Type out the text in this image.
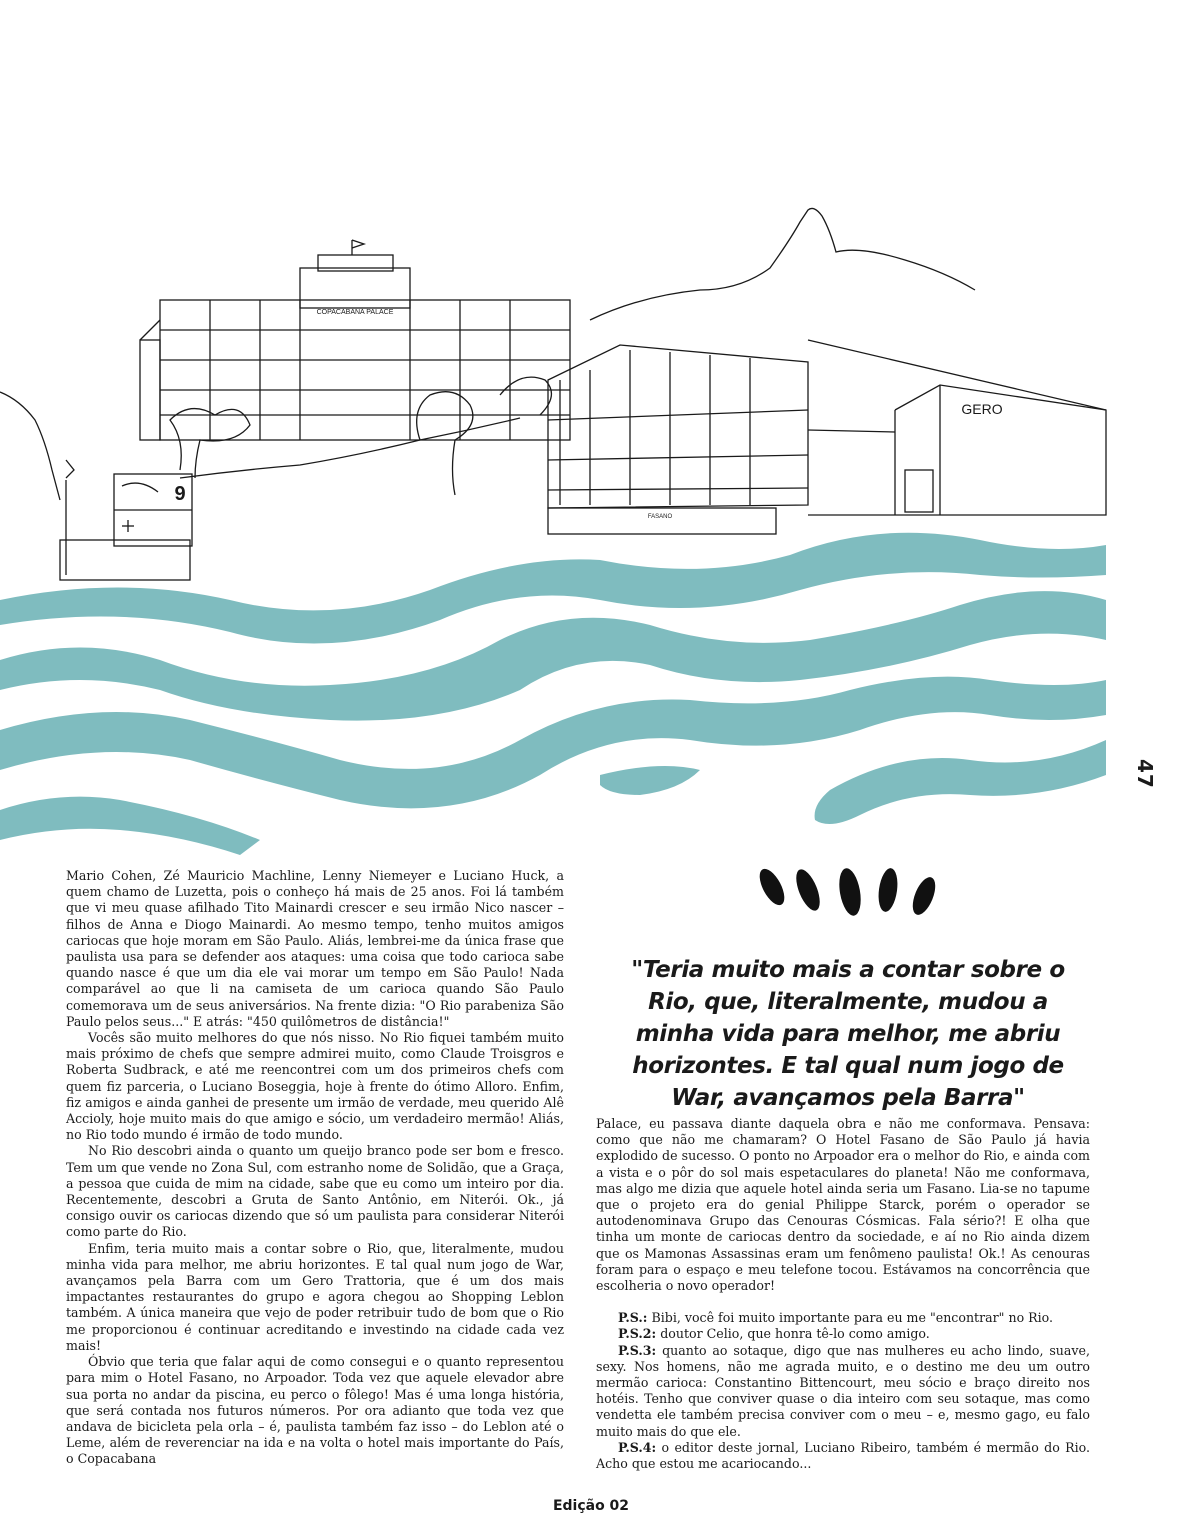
COPACABANA PALACE
FASANO
GERO
9
47

Mario Cohen, Zé Mauricio Machline, Lenny Niemeyer e Luciano Huck, a quem chamo de Luzetta, pois o conheço há mais de 25 anos. Foi lá também que vi meu quase afilhado Tito Mainardi crescer e seu irmão Nico nascer – filhos de Anna e Diogo Mainardi. Ao mesmo tempo, tenho muitos amigos cariocas que hoje moram em São Paulo. Aliás, lembrei-me da única frase que paulista usa para se defender aos ataques: uma coisa que todo carioca sabe quando nasce é que um dia ele vai morar um tempo em São Paulo! Nada comparável ao que li na camiseta de um carioca quando São Paulo comemorava um de seus aniversários. Na frente dizia: "O Rio parabeniza São Paulo pelos seus..." E atrás: "450 quilômetros de distância!"

Vocês são muito melhores do que nós nisso. No Rio fiquei também muito mais próximo de chefs que sempre admirei muito, como Claude Troisgros e Roberta Sudbrack, e até me reencontrei com um dos primeiros chefs com quem fiz parceria, o Luciano Boseggia, hoje à frente do ótimo Alloro. Enfim, fiz amigos e ainda ganhei de presente um irmão de verdade, meu querido Alê Accioly, hoje muito mais do que amigo e sócio, um verdadeiro mermão! Aliás, no Rio todo mundo é irmão de todo mundo.

No Rio descobri ainda o quanto um queijo branco pode ser bom e fresco. Tem um que vende no Zona Sul, com estranho nome de Solidão, que a Graça, a pessoa que cuida de mim na cidade, sabe que eu como um inteiro por dia. Recentemente, descobri a Gruta de Santo Antônio, em Niterói. Ok., já consigo ouvir os cariocas dizendo que só um paulista para considerar Niterói como parte do Rio.

Enfim, teria muito mais a contar sobre o Rio, que, literalmente, mudou minha vida para melhor, me abriu horizontes. E tal qual num jogo de War, avançamos pela Barra com um Gero Trattoria, que é um dos mais impactantes restaurantes do grupo e agora chegou ao Shopping Leblon também. A única maneira que vejo de poder retribuir tudo de bom que o Rio me proporcionou é continuar acreditando e investindo na cidade cada vez mais!

Óbvio que teria que falar aqui de como consegui e o quanto representou para mim o Hotel Fasano, no Arpoador. Toda vez que aquele elevador abre sua porta no andar da piscina, eu perco o fôlego! Mas é uma longa história, que será contada nos futuros números. Por ora adianto que toda vez que andava de bicicleta pela orla – é, paulista também faz isso – do Leblon até o Leme, além de reverenciar na ida e na volta o hotel mais importante do País, o Copacabana

"Teria muito mais a contar sobre o Rio, que, literalmente, mudou a minha vida para melhor, me abriu horizontes. E tal qual num jogo de War, avançamos pela Barra"

Palace, eu passava diante daquela obra e não me conformava. Pensava: como que não me chamaram? O Hotel Fasano de São Paulo já havia explodido de sucesso. O ponto no Arpoador era o melhor do Rio, e ainda com a vista e o pôr do sol mais espetaculares do planeta! Não me conformava, mas algo me dizia que aquele hotel ainda seria um Fasano. Lia-se no tapume que o projeto era do genial Philippe Starck, porém o operador se autodenominava Grupo das Cenouras Cósmicas. Fala sério?! E olha que tinha um monte de cariocas dentro da sociedade, e aí no Rio ainda dizem que os Mamonas Assassinas eram um fenômeno paulista! Ok.! As cenouras foram para o espaço e meu telefone tocou. Estávamos na concorrência que escolheria o novo operador!

P.S.: Bibi, você foi muito importante para eu me "encontrar" no Rio.

P.S.2: doutor Celio, que honra tê-lo como amigo.

P.S.3: quanto ao sotaque, digo que nas mulheres eu acho lindo, suave, sexy. Nos homens, não me agrada muito, e o destino me deu um outro mermão carioca: Constantino Bittencourt, meu sócio e braço direito nos hotéis. Tenho que conviver quase o dia inteiro com seu sotaque, mas como vendetta ele também precisa conviver com o meu – e, mesmo gago, eu falo muito mais do que ele.

P.S.4: o editor deste jornal, Luciano Ribeiro, também é mermão do Rio. Acho que estou me acariocando...

Edição 02
